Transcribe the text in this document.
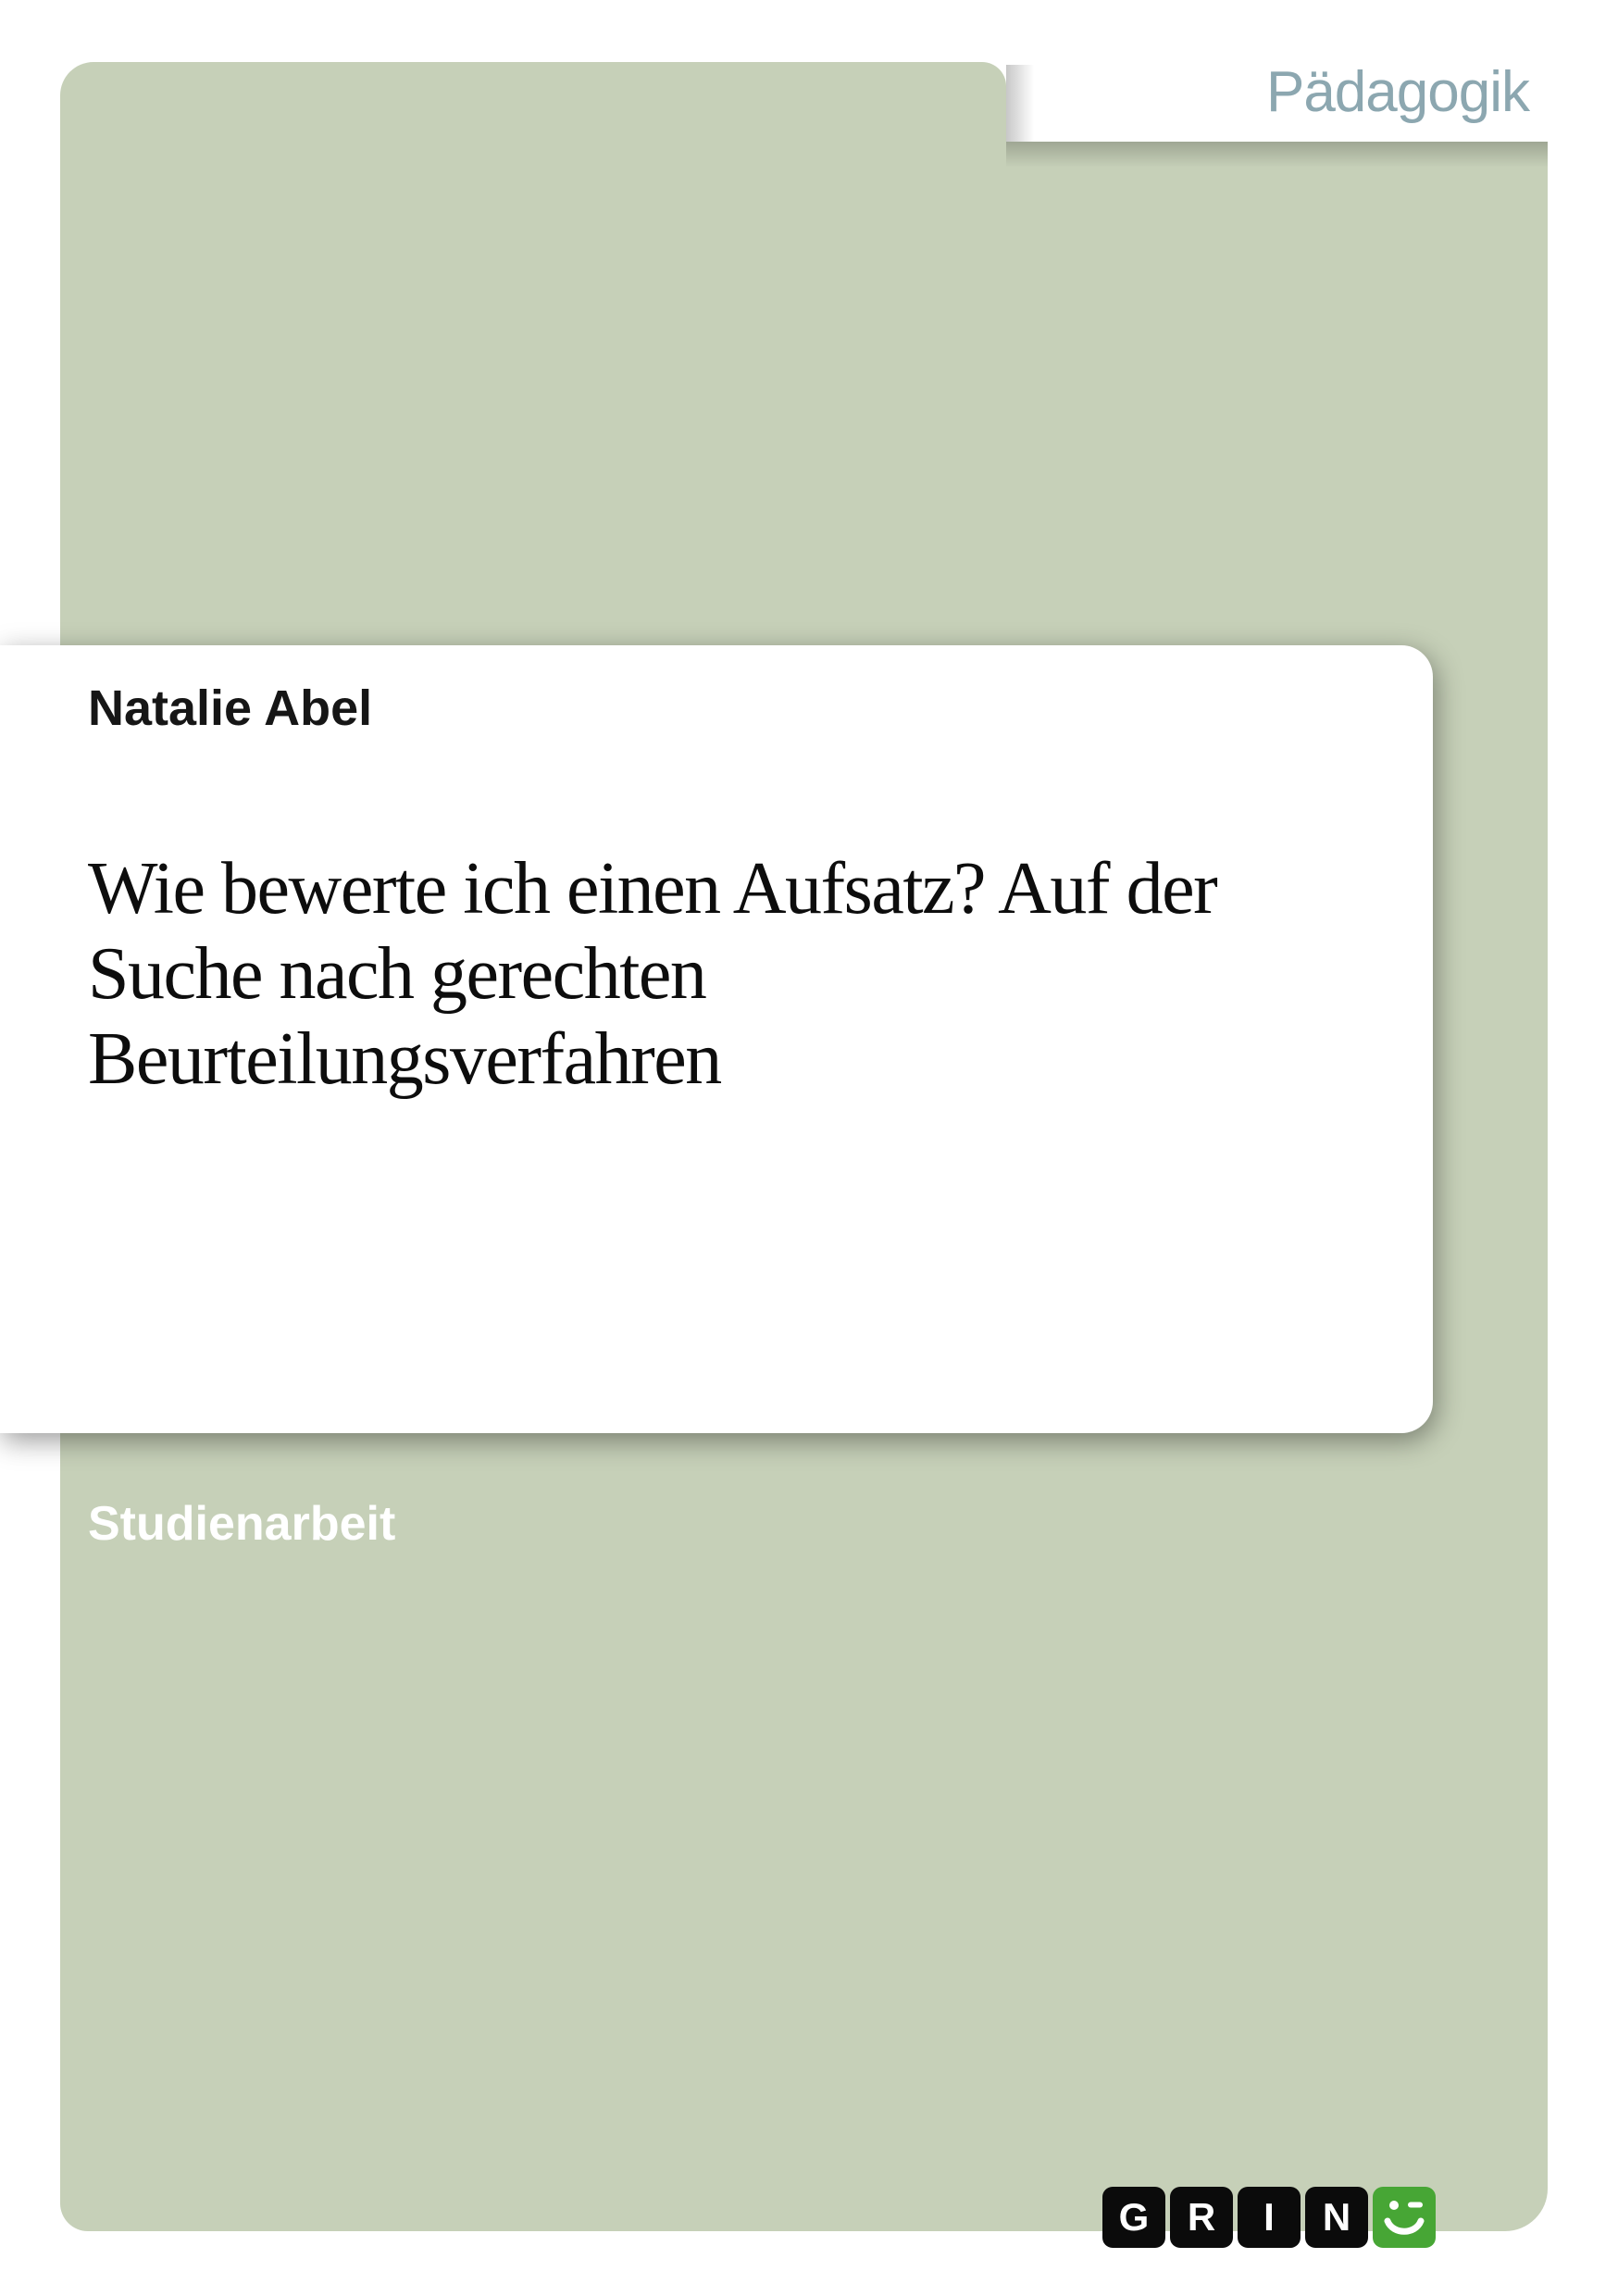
Pädagogik
Natalie Abel
Wie bewerte ich einen Aufsatz? Auf der
Suche nach gerechten
Beurteilungsverfahren
Studienarbeit
G R I N
